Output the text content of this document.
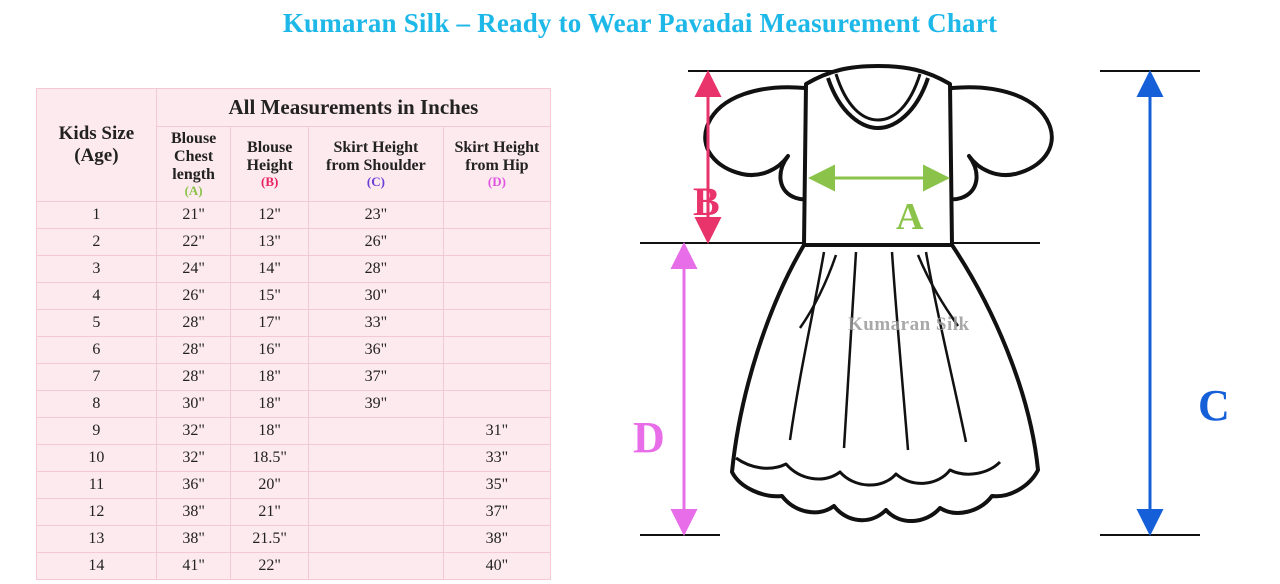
Kumaran Silk – Ready to Wear Pavadai Measurement Chart
Kids Size
(Age)	All Measurements in Inches			

Blouse
Chest
length
(A)

Blouse
Height
(B)

Skirt Height
from Shoulder
(C)

Skirt Height
from Hip
(D)

1	21"	12"	23"	
2	22"	13"	26"	
3	24"	14"	28"	
4	26"	15"	30"	
5	28"	17"	33"	
6	28"	16"	36"	
7	28"	18"	37"	
8	30"	18"	39"	
9	32"	18"		31"
10	32"	18.5"		33"
11	36"	20"		35"
12	38"	21"		37"
13	38"	21.5"		38"
14	41"	22"		40"
A
B
C
D
Kumaran Silk
